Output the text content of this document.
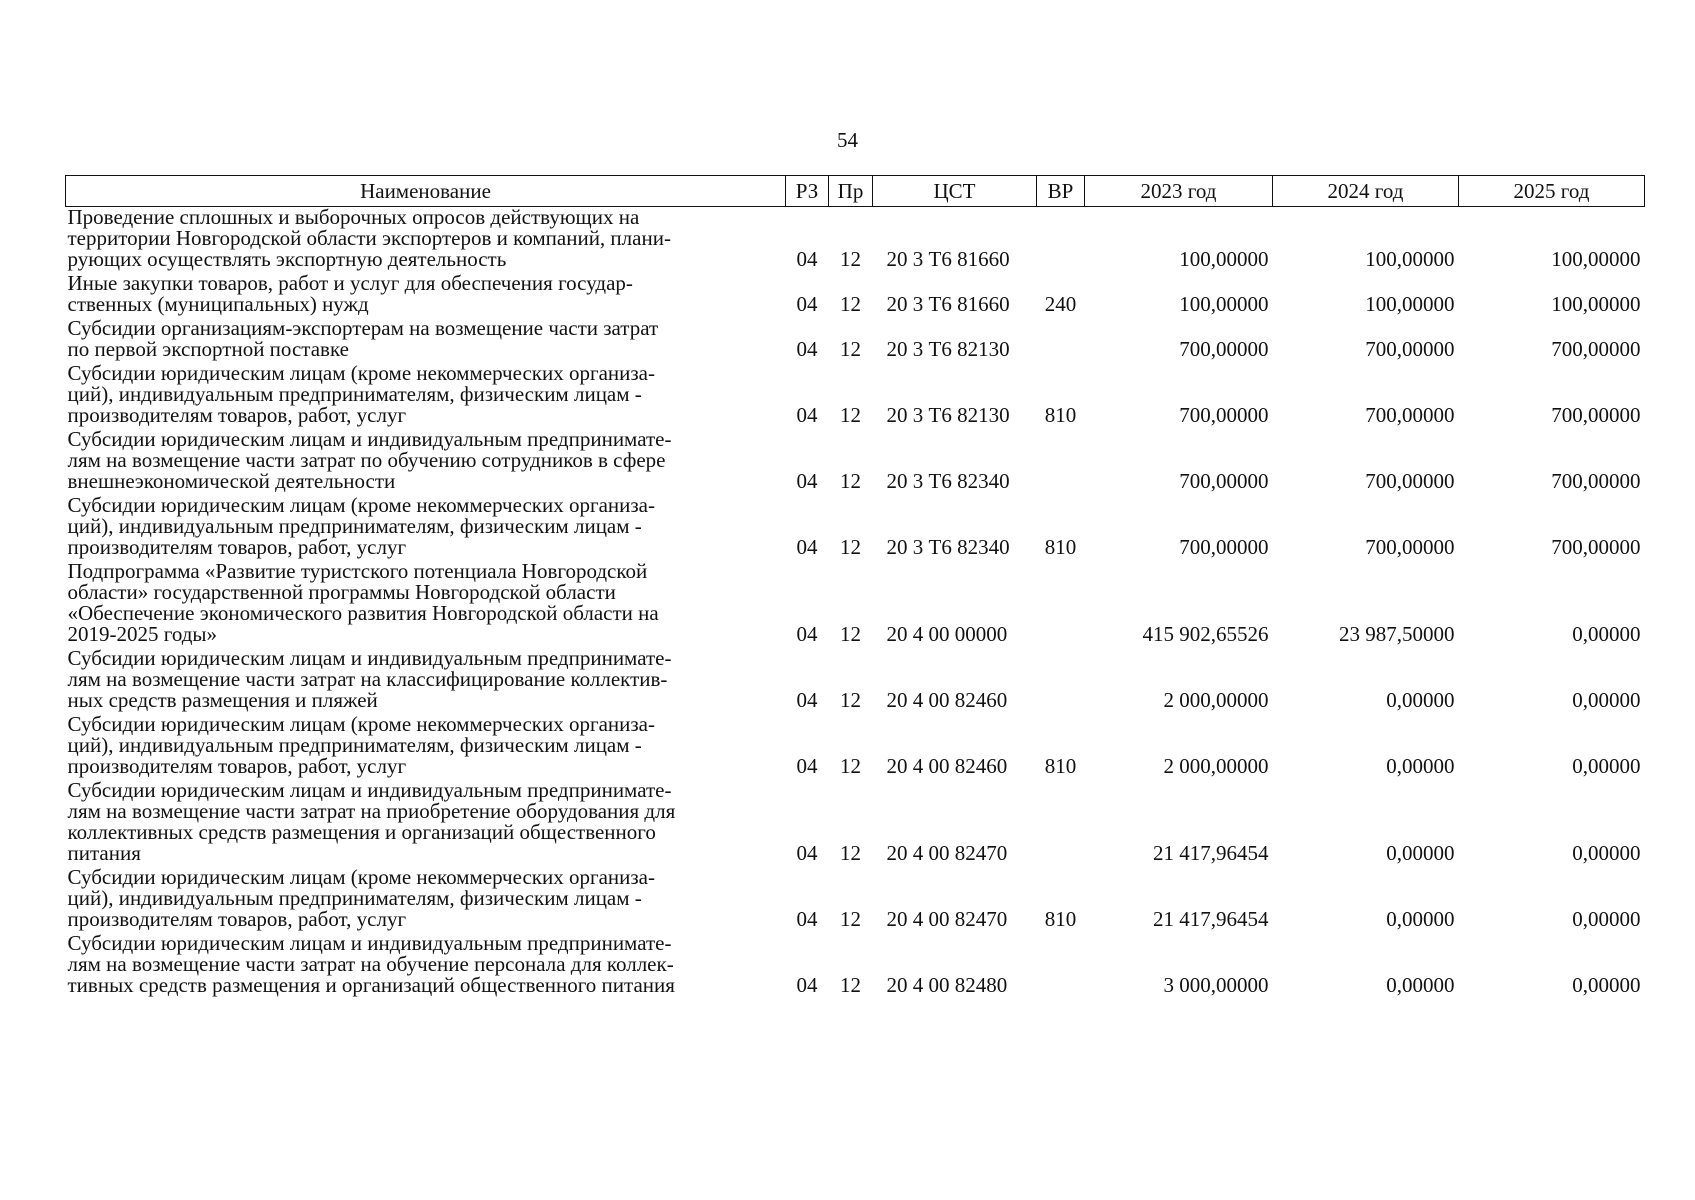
54
Наименование	РЗ	Пр	ЦСТ	ВР	2023 год	2024 год	2025 год
Проведение сплошных и выборочных опросов действующих на
территории Новгородской области экспортеров и компаний, плани-
рующих осуществлять экспортную деятельность	04	12	20 3 Т6 81660		100,00000	100,00000	100,00000
Иные закупки товаров, работ и услуг для обеспечения государ-
ственных (муниципальных) нужд	04	12	20 3 Т6 81660	240	100,00000	100,00000	100,00000
Субсидии организациям-экспортерам на возмещение части затрат
по первой экспортной поставке	04	12	20 3 Т6 82130		700,00000	700,00000	700,00000
Субсидии юридическим лицам (кроме некоммерческих организа-
ций), индивидуальным предпринимателям, физическим лицам -
производителям товаров, работ, услуг	04	12	20 3 Т6 82130	810	700,00000	700,00000	700,00000
Субсидии юридическим лицам и индивидуальным предпринимате-
лям на возмещение части затрат по обучению сотрудников в сфере
внешнеэкономической деятельности	04	12	20 3 Т6 82340		700,00000	700,00000	700,00000
Субсидии юридическим лицам (кроме некоммерческих организа-
ций), индивидуальным предпринимателям, физическим лицам -
производителям товаров, работ, услуг	04	12	20 3 Т6 82340	810	700,00000	700,00000	700,00000
Подпрограмма «Развитие туристского потенциала Новгородской
области» государственной программы Новгородской области
«Обеспечение экономического развития Новгородской области на
2019-2025 годы»	04	12	20 4 00 00000		415 902,65526	23 987,50000	0,00000
Субсидии юридическим лицам и индивидуальным предпринимате-
лям на возмещение части затрат на классифицирование коллектив-
ных средств размещения и пляжей	04	12	20 4 00 82460		2 000,00000	0,00000	0,00000
Субсидии юридическим лицам (кроме некоммерческих организа-
ций), индивидуальным предпринимателям, физическим лицам -
производителям товаров, работ, услуг	04	12	20 4 00 82460	810	2 000,00000	0,00000	0,00000
Субсидии юридическим лицам и индивидуальным предпринимате-
лям на возмещение части затрат на приобретение оборудования для
коллективных средств размещения и организаций общественного
питания	04	12	20 4 00 82470		21 417,96454	0,00000	0,00000
Субсидии юридическим лицам (кроме некоммерческих организа-
ций), индивидуальным предпринимателям, физическим лицам -
производителям товаров, работ, услуг	04	12	20 4 00 82470	810	21 417,96454	0,00000	0,00000
Субсидии юридическим лицам и индивидуальным предпринимате-
лям на возмещение части затрат на обучение персонала для коллек-
тивных средств размещения и организаций общественного питания	04	12	20 4 00 82480		3 000,00000	0,00000	0,00000
